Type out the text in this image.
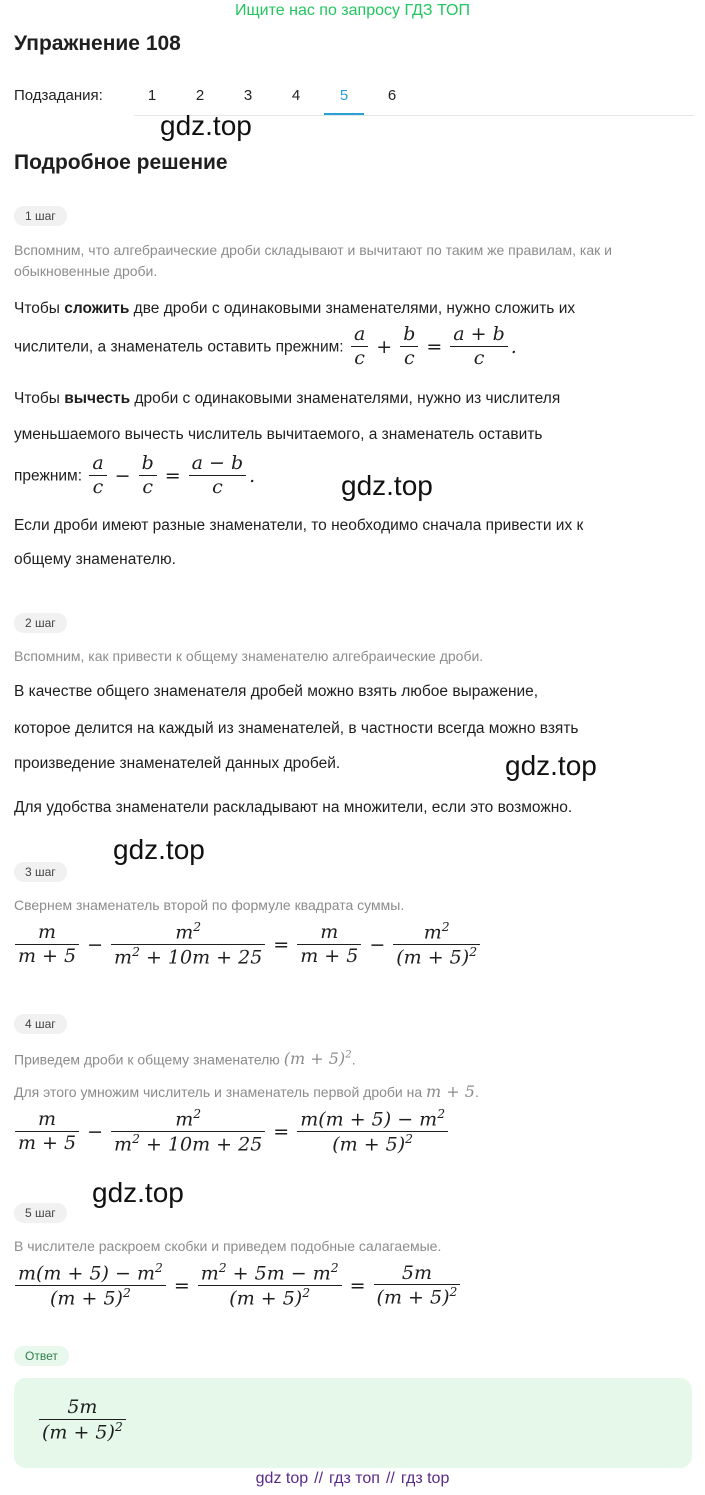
Ищите нас по запросу ГДЗ ТОП
Упражнение 108
Подзадания:	1	2	3	4	5	6
gdz.top
gdz.top
gdz.top
gdz.top
gdz.top
Подробное решение
1 шаг
Вспомним, что алгебраические дроби складывают и вычитают по таким же правилам, как и обыкновенные дроби.
Чтобы сложить две дроби с одинаковыми знаменателями, нужно сложить их
числители, а знаменатель оставить прежним: $\frac{a}{c} + \frac{b}{c} = \frac{a + b}{c}$ .
Чтобы вычесть дроби с одинаковыми знаменателями, нужно из числителя
уменьшаемого вычесть числитель вычитаемого, а знаменатель оставить
прежним: $\frac{a}{c} - \frac{b}{c} = \frac{a - b}{c}$ .
Если дроби имеют разные знаменатели, то необходимо сначала привести их к
общему знаменателю.
2 шаг
Вспомним, как привести к общему знаменателю алгебраические дроби.
В качестве общего знаменателя дробей можно взять любое выражение,
которое делится на каждый из знаменателей, в частности всегда можно взять
произведение знаменателей данных дробей.
Для удобства знаменатели раскладывают на множители, если это возможно.
3 шаг
Свернем знаменатель второй по формуле квадрата суммы.
$\frac{m}{m + 5} - \frac{m^2}{m^2 + 10m + 25} = \frac{m}{m + 5} - \frac{m^2}{(m + 5)^2}$
4 шаг
Приведем дроби к общему знаменателю $(m + 5)^2$.
Для этого умножим числитель и знаменатель первой дроби на m + 5.
$\frac{m}{m + 5} - \frac{m^2}{m^2 + 10m + 25} = \frac{m(m + 5) - m^2}{(m + 5)^2}$
5 шаг
В числителе раскроем скобки и приведем подобные салагаемые.
$\frac{m(m + 5) - m^2}{(m + 5)^2} = \frac{m^2 + 5m - m^2}{(m + 5)^2} = \frac{5m}{(m + 5)^2}$
Ответ
$\frac{5m}{(m + 5)^2}$
gdz top // гдз топ // гдз top
